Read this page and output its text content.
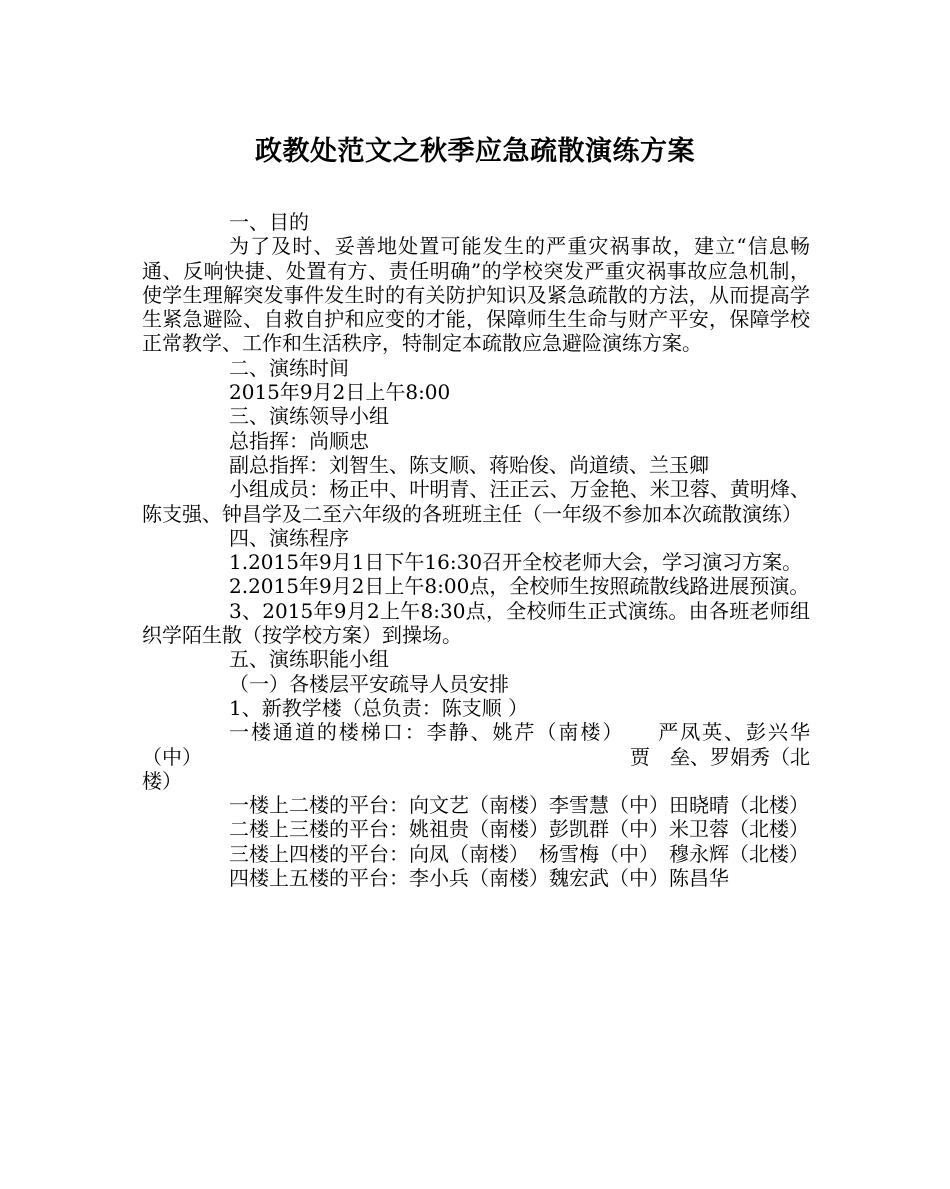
政教处范文之秋季应急疏散演练方案

一、目的

为了及时、妥善地处置可能发生的严重灾祸事故，建立“信息畅通、反响快捷、处置有方、责任明确”的学校突发严重灾祸事故应急机制，使学生理解突发事件发生时的有关防护知识及紧急疏散的方法，从而提高学生紧急避险、自救自护和应变的才能，保障师生生命与财产平安，保障学校正常教学、工作和生活秩序，特制定本疏散应急避险演练方案。

二、演练时间

2015年9月2日上午8:00

三、演练领导小组

总指挥：尚顺忠

副总指挥：刘智生、陈支顺、蒋贻俊、尚道绩、兰玉卿

小组成员：杨正中、叶明青、汪正云、万金艳、米卫蓉、黄明烽、陈支强、钟昌学及二至六年级的各班班主任（一年级不参加本次疏散演练）

四、演练程序

1.2015年9月1日下午16:30召开全校老师大会，学习演习方案。

2.2015年9月2日上午8:00点，全校师生按照疏散线路进展预演。

3、2015年9月2上午8:30点，全校师生正式演练。由各班老师组织学陌生散（按学校方案）到操场。

五、演练职能小组

（一）各楼层平安疏导人员安排

1、新教学楼（总负责：陈支顺 ）

一楼通道的楼梯口：李静、姚芹（南楼）　　严凤英、彭兴华

（中）	贾　垒、罗娟秀（北

楼）

一楼上二楼的平台：向文艺（南楼）李雪慧（中）田晓晴（北楼）

二楼上三楼的平台：姚祖贵（南楼）彭凯群（中）米卫蓉（北楼）

三楼上四楼的平台：向凤（南楼）　杨雪梅（中）　穆永辉（北楼）

四楼上五楼的平台：李小兵（南楼）魏宏武（中）陈昌华
